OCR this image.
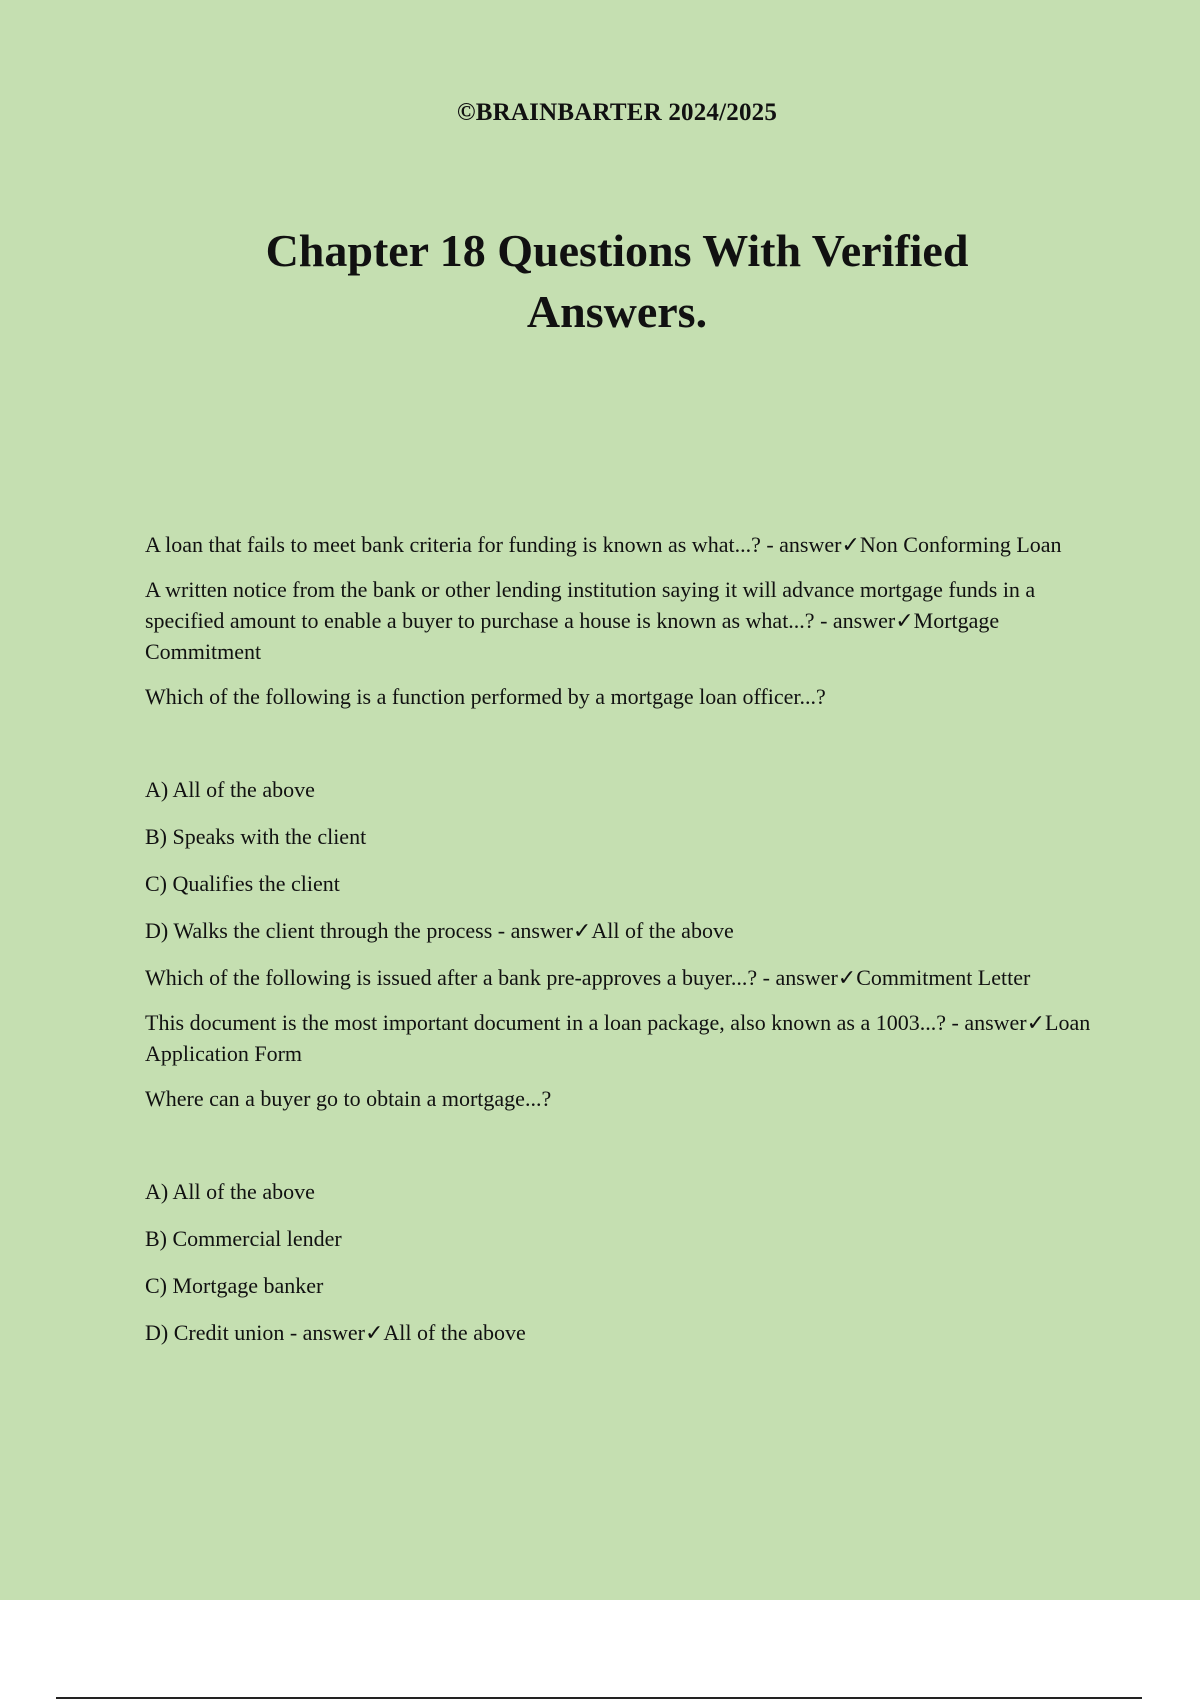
©BRAINBARTER 2024/2025
Chapter 18 Questions With Verified
Answers.

A loan that fails to meet bank criteria for funding is known as what...? - answer✓Non Conforming Loan

A written notice from the bank or other lending institution saying it will advance mortgage funds in a specified amount to enable a buyer to purchase a house is known as what...? - answer✓Mortgage Commitment

Which of the following is a function performed by a mortgage loan officer...?

A) All of the above

B) Speaks with the client

C) Qualifies the client

D) Walks the client through the process - answer✓All of the above

Which of the following is issued after a bank pre-approves a buyer...? - answer✓Commitment Letter

This document is the most important document in a loan package, also known as a 1003...? - answer✓Loan Application Form

Where can a buyer go to obtain a mortgage...?

A) All of the above

B) Commercial lender

C) Mortgage banker

D) Credit union - answer✓All of the above
